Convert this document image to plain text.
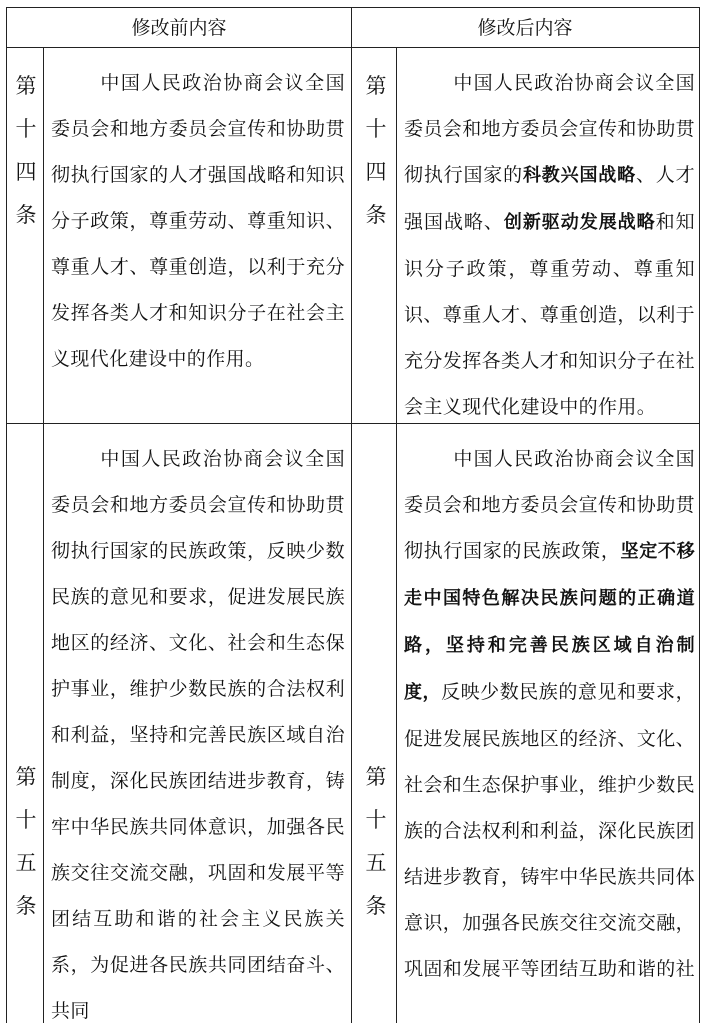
修改前内容	修改后内容
第
十
四
条

中国人民政治协商会议全国委员会和地方委员会宣传和协助贯彻执行国家的人才强国战略和知识分子政策，尊重劳动、尊重知识、尊重人才、尊重创造，以利于充分发挥各类人才和知识分子在社会主义现代化建设中的作用。

第
十
四
条

中国人民政治协商会议全国委员会和地方委员会宣传和协助贯彻执行国家的科教兴国战略、人才强国战略、创新驱动发展战略和知识分子政策，尊重劳动、尊重知识、尊重人才、尊重创造，以利于充分发挥各类人才和知识分子在社会主义现代化建设中的作用。

第
十
五
条

中国人民政治协商会议全国委员会和地方委员会宣传和协助贯彻执行国家的民族政策，反映少数民族的意见和要求，促进发展民族地区的经济、文化、社会和生态保护事业，维护少数民族的合法权利和利益，坚持和完善民族区域自治制度，深化民族团结进步教育，铸牢中华民族共同体意识，加强各民族交往交流交融，巩固和发展平等团结互助和谐的社会主义民族关系，为促进各民族共同团结奋斗、共同

第
十
五
条

中国人民政治协商会议全国委员会和地方委员会宣传和协助贯彻执行国家的民族政策，坚定不移走中国特色解决民族问题的正确道路，坚持和完善民族区域自治制度，反映少数民族的意见和要求，促进发展民族地区的经济、文化、社会和生态保护事业，维护少数民族的合法权利和利益，深化民族团结进步教育，铸牢中华民族共同体意识，加强各民族交往交流交融，巩固和发展平等团结互助和谐的社
